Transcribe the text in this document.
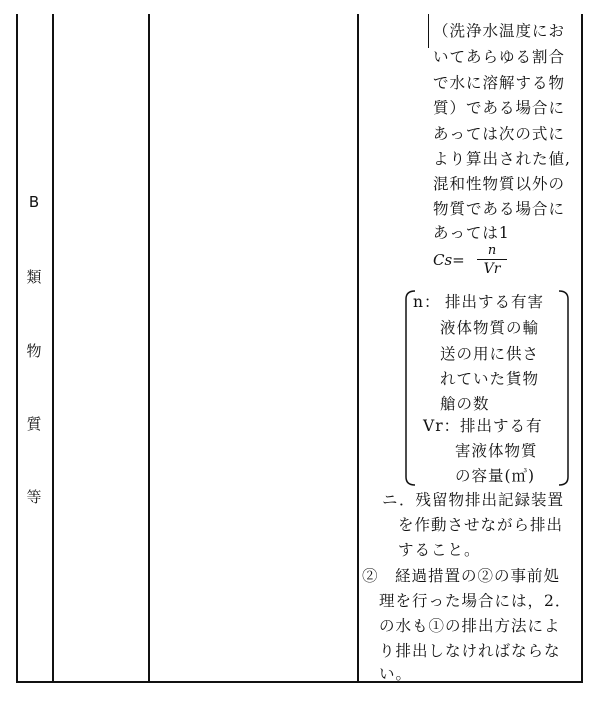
B
類
物
質
等
（洗浄水温度にお
いてあらゆる割合
で水に溶解する物
質）である場合に
あっては次の式に
より算出された値,
混和性物質以外の
物質である場合に
あっては1
Cs=
n
Vr
n： 排出する有害
液体物質の輸
送の用に供さ
れていた貨物
艙の数
Vr： 排出する有
害液体物質
の容量(㎥)
ニ．残留物排出記録装置
を作動させながら排出
すること。
②　経過措置の②の事前処
理を行った場合には，2．
の水も①の排出方法によ
り排出しなければならな
い。
